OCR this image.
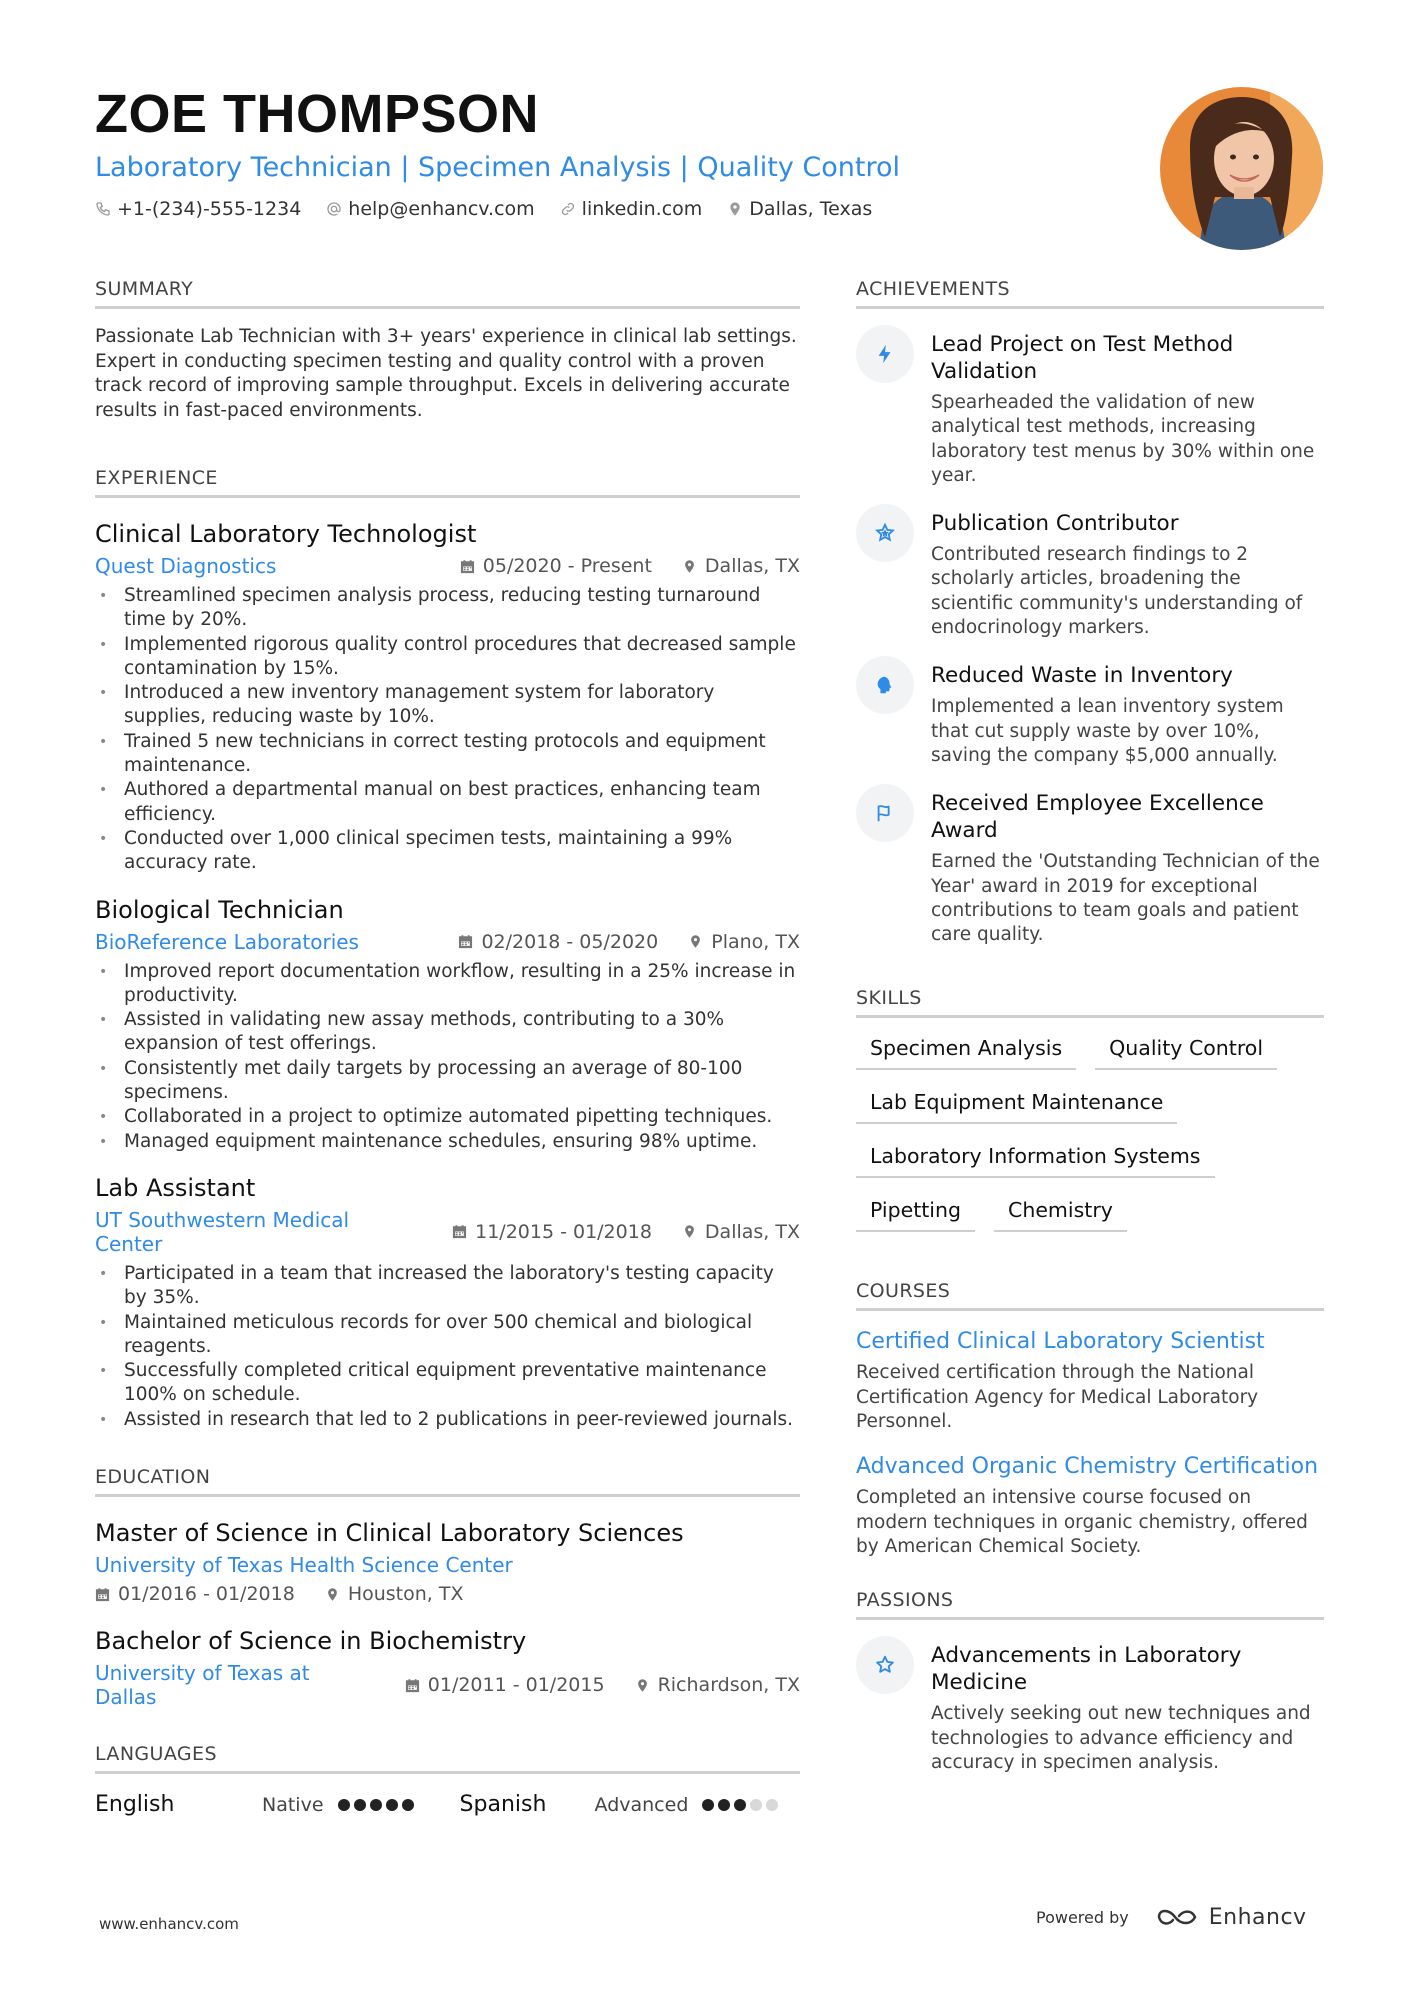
ZOE THOMPSON
Laboratory Technician | Specimen Analysis | Quality Control
+1-(234)-555-1234 help@enhancv.com linkedin.com Dallas, Texas
SUMMARY
Passionate Lab Technician with 3+ years' experience in clinical lab settings. Expert in conducting specimen testing and quality control with a proven track record of improving sample throughput. Excels in delivering accurate results in fast-paced environments.
EXPERIENCE
Clinical Laboratory Technologist
Quest Diagnostics	05/2020 - Present	Dallas, TX
• Streamlined specimen analysis process, reducing testing turnaround time by 20%.
• Implemented rigorous quality control procedures that decreased sample contamination by 15%.
• Introduced a new inventory management system for laboratory supplies, reducing waste by 10%.
• Trained 5 new technicians in correct testing protocols and equipment maintenance.
• Authored a departmental manual on best practices, enhancing team efficiency.
• Conducted over 1,000 clinical specimen tests, maintaining a 99% accuracy rate.
Biological Technician
BioReference Laboratories	02/2018 - 05/2020	Plano, TX
• Improved report documentation workflow, resulting in a 25% increase in productivity.
• Assisted in validating new assay methods, contributing to a 30% expansion of test offerings.
• Consistently met daily targets by processing an average of 80-100 specimens.
• Collaborated in a project to optimize automated pipetting techniques.
• Managed equipment maintenance schedules, ensuring 98% uptime.
Lab Assistant
UT Southwestern Medical Center	11/2015 - 01/2018	Dallas, TX
• Participated in a team that increased the laboratory's testing capacity by 35%.
• Maintained meticulous records for over 500 chemical and biological reagents.
• Successfully completed critical equipment preventative maintenance 100% on schedule.
• Assisted in research that led to 2 publications in peer-reviewed journals.
EDUCATION
Master of Science in Clinical Laboratory Sciences
University of Texas Health Science Center
01/2016 - 01/2018	Houston, TX
Bachelor of Science in Biochemistry
University of Texas at Dallas	01/2011 - 01/2015	Richardson, TX
LANGUAGES
English	Native	Spanish	Advanced
ACHIEVEMENTS
Lead Project on Test Method Validation
Spearheaded the validation of new analytical test methods, increasing laboratory test menus by 30% within one year.
Publication Contributor
Contributed research findings to 2 scholarly articles, broadening the scientific community's understanding of endocrinology markers.
Reduced Waste in Inventory
Implemented a lean inventory system that cut supply waste by over 10%, saving the company $5,000 annually.
Received Employee Excellence Award
Earned the 'Outstanding Technician of the Year' award in 2019 for exceptional contributions to team goals and patient care quality.
SKILLS
Specimen Analysis	Quality Control
Lab Equipment Maintenance
Laboratory Information Systems
Pipetting	Chemistry
COURSES
Certified Clinical Laboratory Scientist
Received certification through the National Certification Agency for Medical Laboratory Personnel.
Advanced Organic Chemistry Certification
Completed an intensive course focused on modern techniques in organic chemistry, offered by American Chemical Society.
PASSIONS
Advancements in Laboratory Medicine
Actively seeking out new techniques and technologies to advance efficiency and accuracy in specimen analysis.
www.enhancv.com	Powered by	Enhancv
